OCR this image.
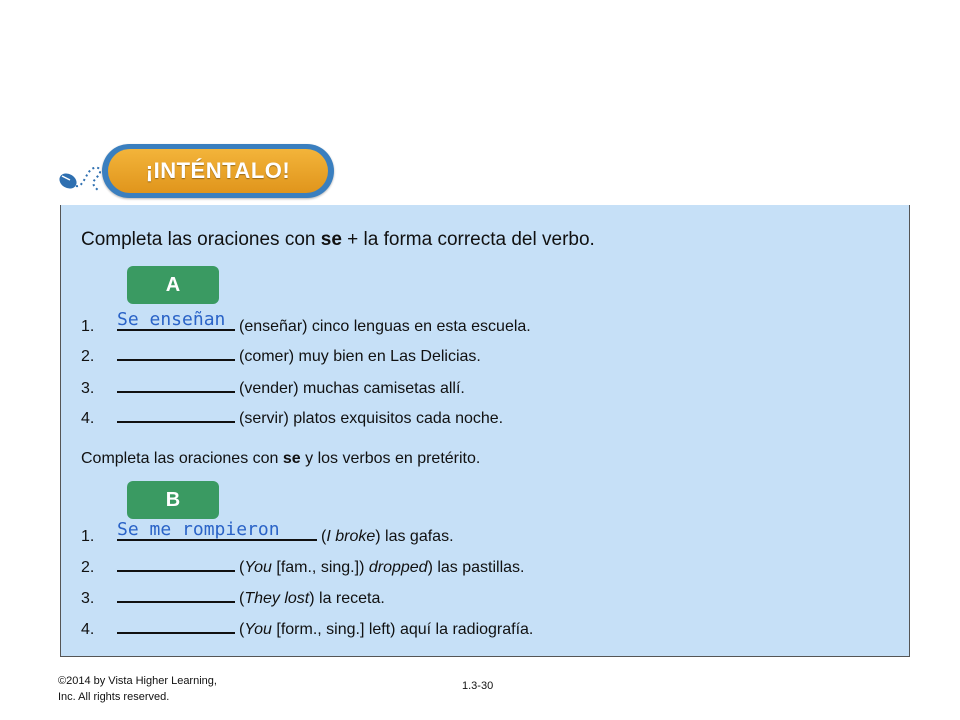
¡INTÉNTALO!
Completa las oraciones con se + la forma correcta del verbo.
A
1.	(enseñar) cinco lenguas en esta escuela.
Se enseñan
2.	(comer) muy bien en Las Delicias.
3.	(vender) muchas camisetas allí.
4.	(servir) platos exquisitos cada noche.
Completa las oraciones con se y los verbos en pretérito.
B
1.	(I broke) las gafas.
Se me rompieron
2.	(You [fam., sing.]) dropped) las pastillas.
3.	(They lost) la receta.
4.	(You [form., sing.] left) aquí la radiografía.
©2014 by Vista Higher Learning,
Inc. All rights reserved.
1.3-30
